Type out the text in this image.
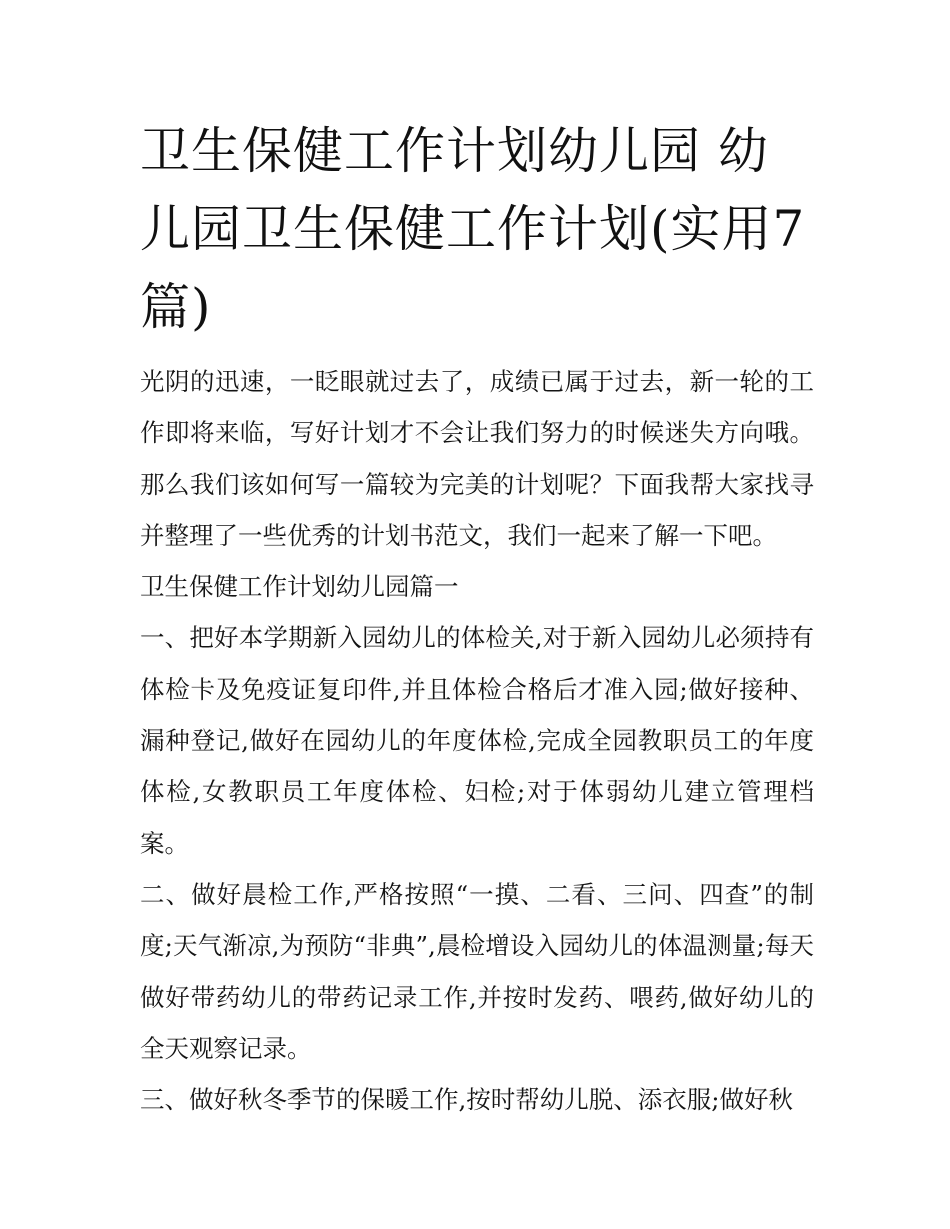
卫生保健工作计划幼儿园 幼儿园卫生保健工作计划(实用7篇)

光阴的迅速，一眨眼就过去了，成绩已属于过去，新一轮的工作即将来临，写好计划才不会让我们努力的时候迷失方向哦。那么我们该如何写一篇较为完美的计划呢？下面我帮大家找寻并整理了一些优秀的计划书范文，我们一起来了解一下吧。

卫生保健工作计划幼儿园篇一

一、把好本学期新入园幼儿的体检关,对于新入园幼儿必须持有体检卡及免疫证复印件,并且体检合格后才准入园;做好接种、漏种登记,做好在园幼儿的年度体检,完成全园教职员工的年度体检,女教职员工年度体检、妇检;对于体弱幼儿建立管理档案。

二、做好晨检工作,严格按照“一摸、二看、三问、四查”的制度;天气渐凉,为预防“非典”,晨检增设入园幼儿的体温测量;每天做好带药幼儿的带药记录工作,并按时发药、喂药,做好幼儿的全天观察记录。

三、做好秋冬季节的保暖工作,按时帮幼儿脱、添衣服;做好秋
